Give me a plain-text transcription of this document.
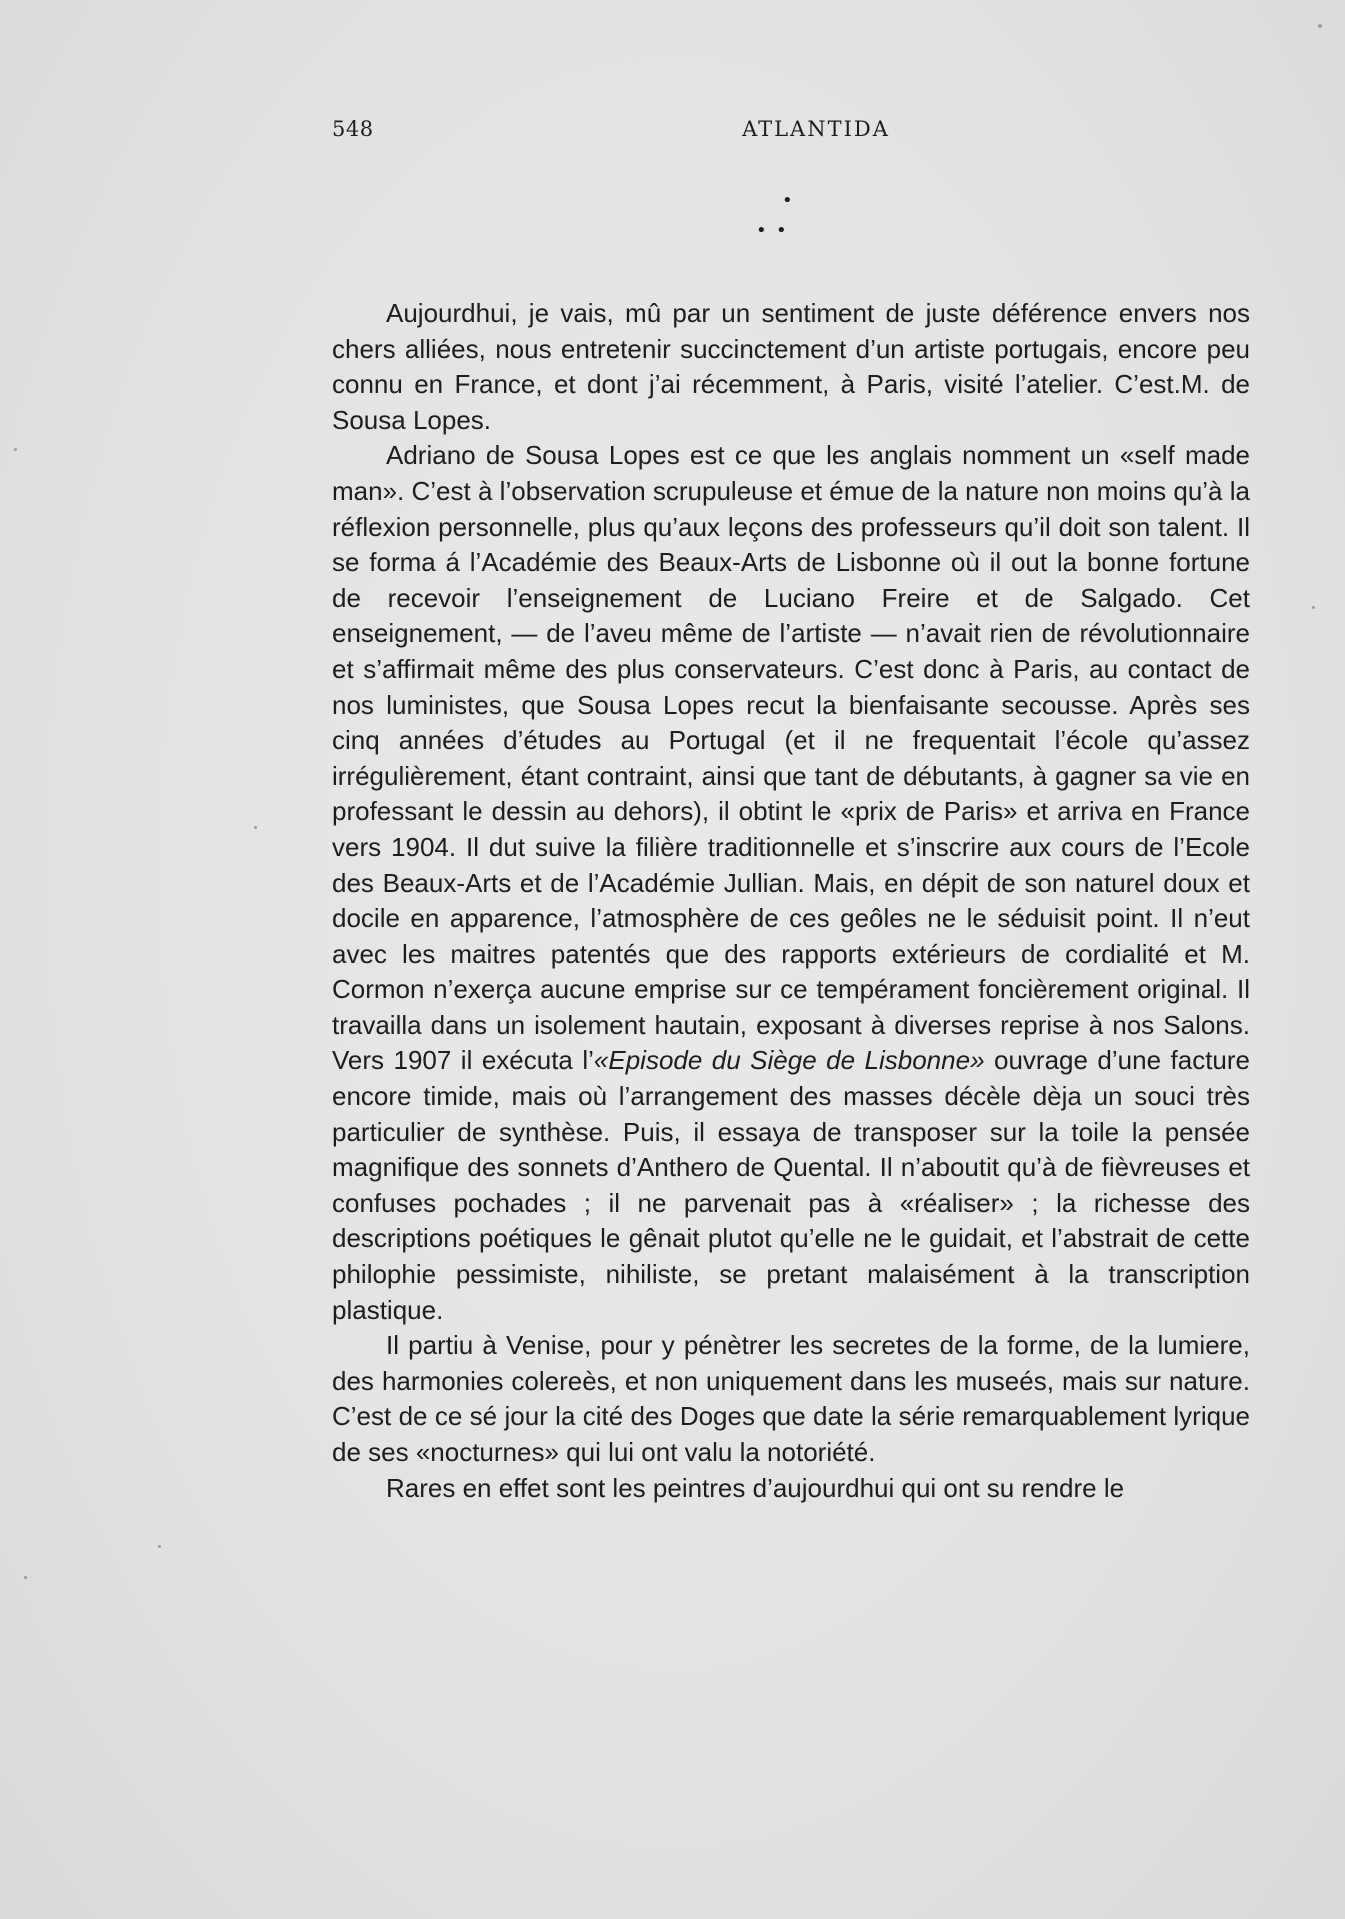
548	ATLANTIDA
•
• •

Aujourdhui, je vais, mû par un sentiment de juste déférence envers nos chers alliées, nous entretenir succinctement d’un artiste portugais, encore peu connu en France, et dont j’ai récemment, à Paris, visité l’atelier. C’est.M. de Sousa Lopes.

Adriano de Sousa Lopes est ce que les anglais nomment un «self made man». C’est à l’observation scrupuleuse et émue de la nature non moins qu’à la réflexion personnelle, plus qu’aux leçons des professeurs qu’il doit son talent. Il se forma á l’Académie des Beaux-Arts de Lisbonne où il out la bonne fortune de recevoir l’enseignement de Luciano Freire et de Salgado. Cet enseignement, — de l’aveu même de l’artiste — n’avait rien de révolutionnaire et s’affirmait même des plus conservateurs. C’est donc à Paris, au contact de nos luministes, que Sousa Lopes recut la bienfaisante secousse. Après ses cinq années d’études au Portugal (et il ne frequentait l’école qu’assez irrégulièrement, étant contraint, ainsi que tant de débutants, à gagner sa vie en professant le dessin au dehors), il obtint le «prix de Paris» et arriva en France vers 1904. Il dut suive la filière traditionnelle et s’inscrire aux cours de l’Ecole des Beaux-Arts et de l’Académie Jullian. Mais, en dépit de son naturel doux et docile en apparence, l’atmosphère de ces geôles ne le séduisit point. Il n’eut avec les maitres patentés que des rapports extérieurs de cordialité et M. Cormon n’exerça aucune emprise sur ce tempérament foncièrement original. Il travailla dans un isolement hautain, exposant à diverses reprise à nos Salons. Vers 1907 il exécuta l’«Episode du Siège de Lisbonne» ouvrage d’une facture encore timide, mais où l’arrangement des masses décèle dèja un souci très particulier de synthèse. Puis, il essaya de transposer sur la toile la pensée magnifique des sonnets d’Anthero de Quental. Il n’aboutit qu’à de fièvreuses et confuses pochades ; il ne parvenait pas à «réaliser» ; la richesse des descriptions poétiques le gênait plutot qu’elle ne le guidait, et l’abstrait de cette philophie pessimiste, nihiliste, se pretant malaisément à la transcription plastique.

Il partiu à Venise, pour y pénètrer les secretes de la forme, de la lumiere, des harmonies colereès, et non uniquement dans les museés, mais sur nature. C’est de ce sé jour la cité des Doges que date la série remarquablement lyrique de ses «nocturnes» qui lui ont valu la notoriété.

Rares en effet sont les peintres d’aujourdhui qui ont su rendre le
